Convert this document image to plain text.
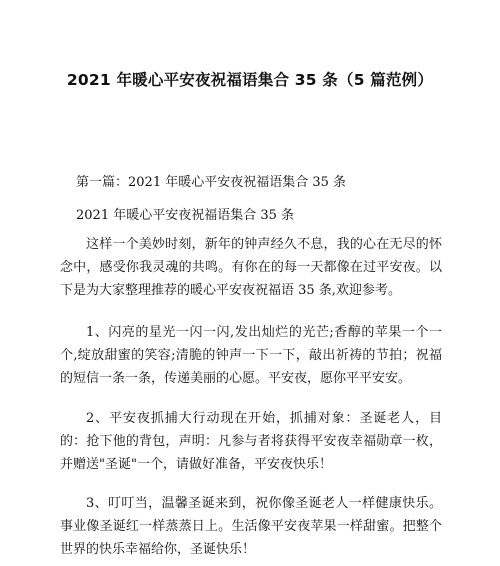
2021 年暖心平安夜祝福语集合 35 条（5 篇范例）

第一篇：2021 年暖心平安夜祝福语集合 35 条

2021 年暖心平安夜祝福语集合 35 条

这样一个美妙时刻，新年的钟声经久不息，我的心在无尽的怀念中，感受你我灵魂的共鸣。有你在的每一天都像在过平安夜。以下是为大家整理推荐的暖心平安夜祝福语 35 条,欢迎参考。

1、闪亮的星光一闪一闪,发出灿烂的光芒;香醇的苹果一个一个,绽放甜蜜的笑容;清脆的钟声一下一下，敲出祈祷的节拍；祝福的短信一条一条，传递美丽的心愿。平安夜，愿你平平安安。

2、平安夜抓捕大行动现在开始，抓捕对象：圣诞老人，目的：抢下他的背包，声明：凡参与者将获得平安夜幸福勋章一枚，并赠送"圣诞"一个，请做好准备，平安夜快乐！

3、叮叮当，温馨圣诞来到，祝你像圣诞老人一样健康快乐。事业像圣诞红一样蒸蒸日上。生活像平安夜苹果一样甜蜜。把整个世界的快乐幸福给你，圣诞快乐！
